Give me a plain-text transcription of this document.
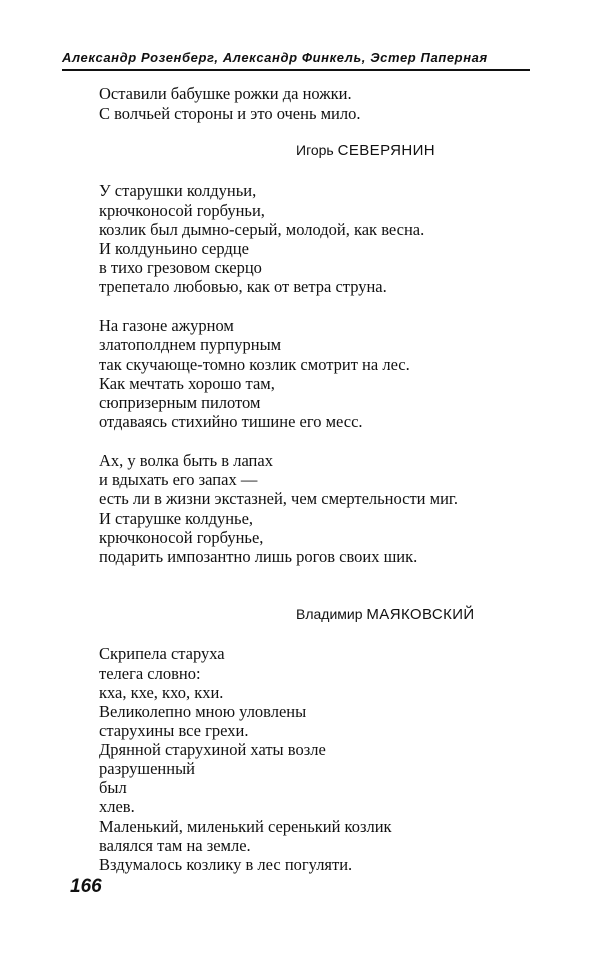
Александр Розенберг, Александр Финкель, Эстер Паперная
Оставили бабушке рожки да ножки.
С волчьей стороны и это очень мило.
Игорь СЕВЕРЯНИН
У старушки колдуньи,
крючконосой горбуньи,
козлик был дымно-серый, молодой, как весна.
И колдуньино сердце
в тихо грезовом скерцо
трепетало любовью, как от ветра струна.
На газоне ажурном
златополднем пурпурным
так скучающе-томно козлик смотрит на лес.
Как мечтать хорошо там,
сюпризерным пилотом
отдаваясь стихийно тишине его месс.
Ах, у волка быть в лапах
и вдыхать его запах —
есть ли в жизни экстазней, чем смертельности миг.
И старушке колдунье,
крючконосой горбунье,
подарить импозантно лишь рогов своих шик.
Владимир МАЯКОВСКИЙ
Скрипела старуха
телега словно:
кха, кхе, кхо, кхи.
Великолепно мною уловлены
старухины все грехи.
Дрянной старухиной хаты возле
разрушенный
был
хлев.
Маленький, миленький серенький козлик
валялся там на земле.
Вздумалось козлику в лес погуляти.
166
